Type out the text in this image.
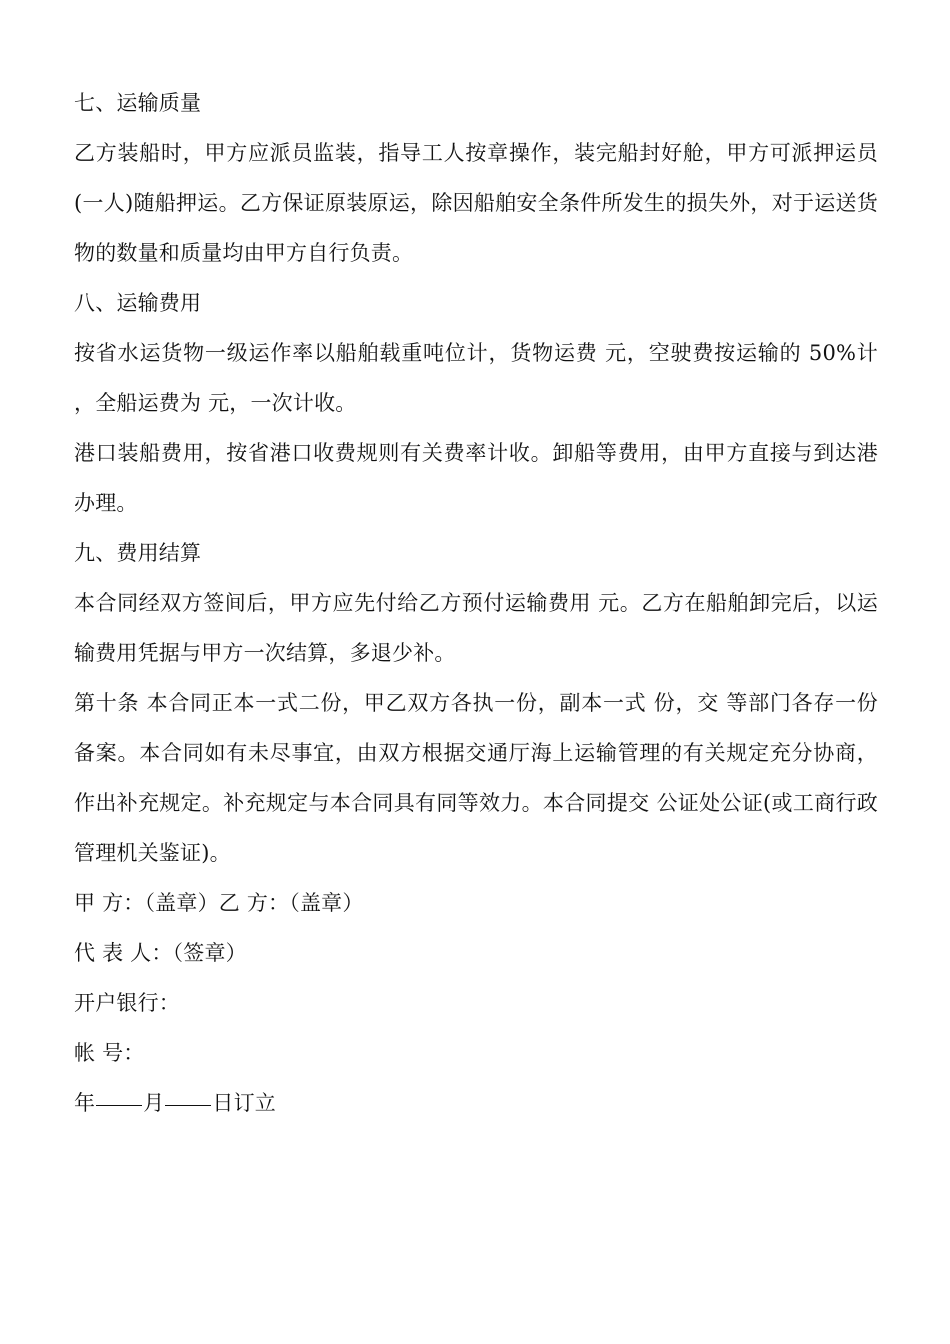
七、运输质量

乙方装船时，甲方应派员监装，指导工人按章操作，装完船封好舱，甲方可派押运员(一人)随船押运。乙方保证原装原运，除因船舶安全条件所发生的损失外，对于运送货物的数量和质量均由甲方自行负责。

八、运输费用

按省水运货物一级运作率以船舶载重吨位计，货物运费 元，空驶费按运输的 50%计 ，全船运费为 元，一次计收。

港口装船费用，按省港口收费规则有关费率计收。卸船等费用，由甲方直接与到达港办理。

九、费用结算

本合同经双方签间后，甲方应先付给乙方预付运输费用 元。乙方在船舶卸完后，以运输费用凭据与甲方一次结算，多退少补。

第十条 本合同正本一式二份，甲乙双方各执一份，副本一式 份，交 等部门各存一份备案。本合同如有未尽事宜，由双方根据交通厅海上运输管理的有关规定充分协商，作出补充规定。补充规定与本合同具有同等效力。本合同提交 公证处公证(或工商行政管理机关鉴证)。

甲 方：（盖章）乙 方：（盖章）

代 表 人：（签章）

开户银行：

帐 号：

年 月 日订立
